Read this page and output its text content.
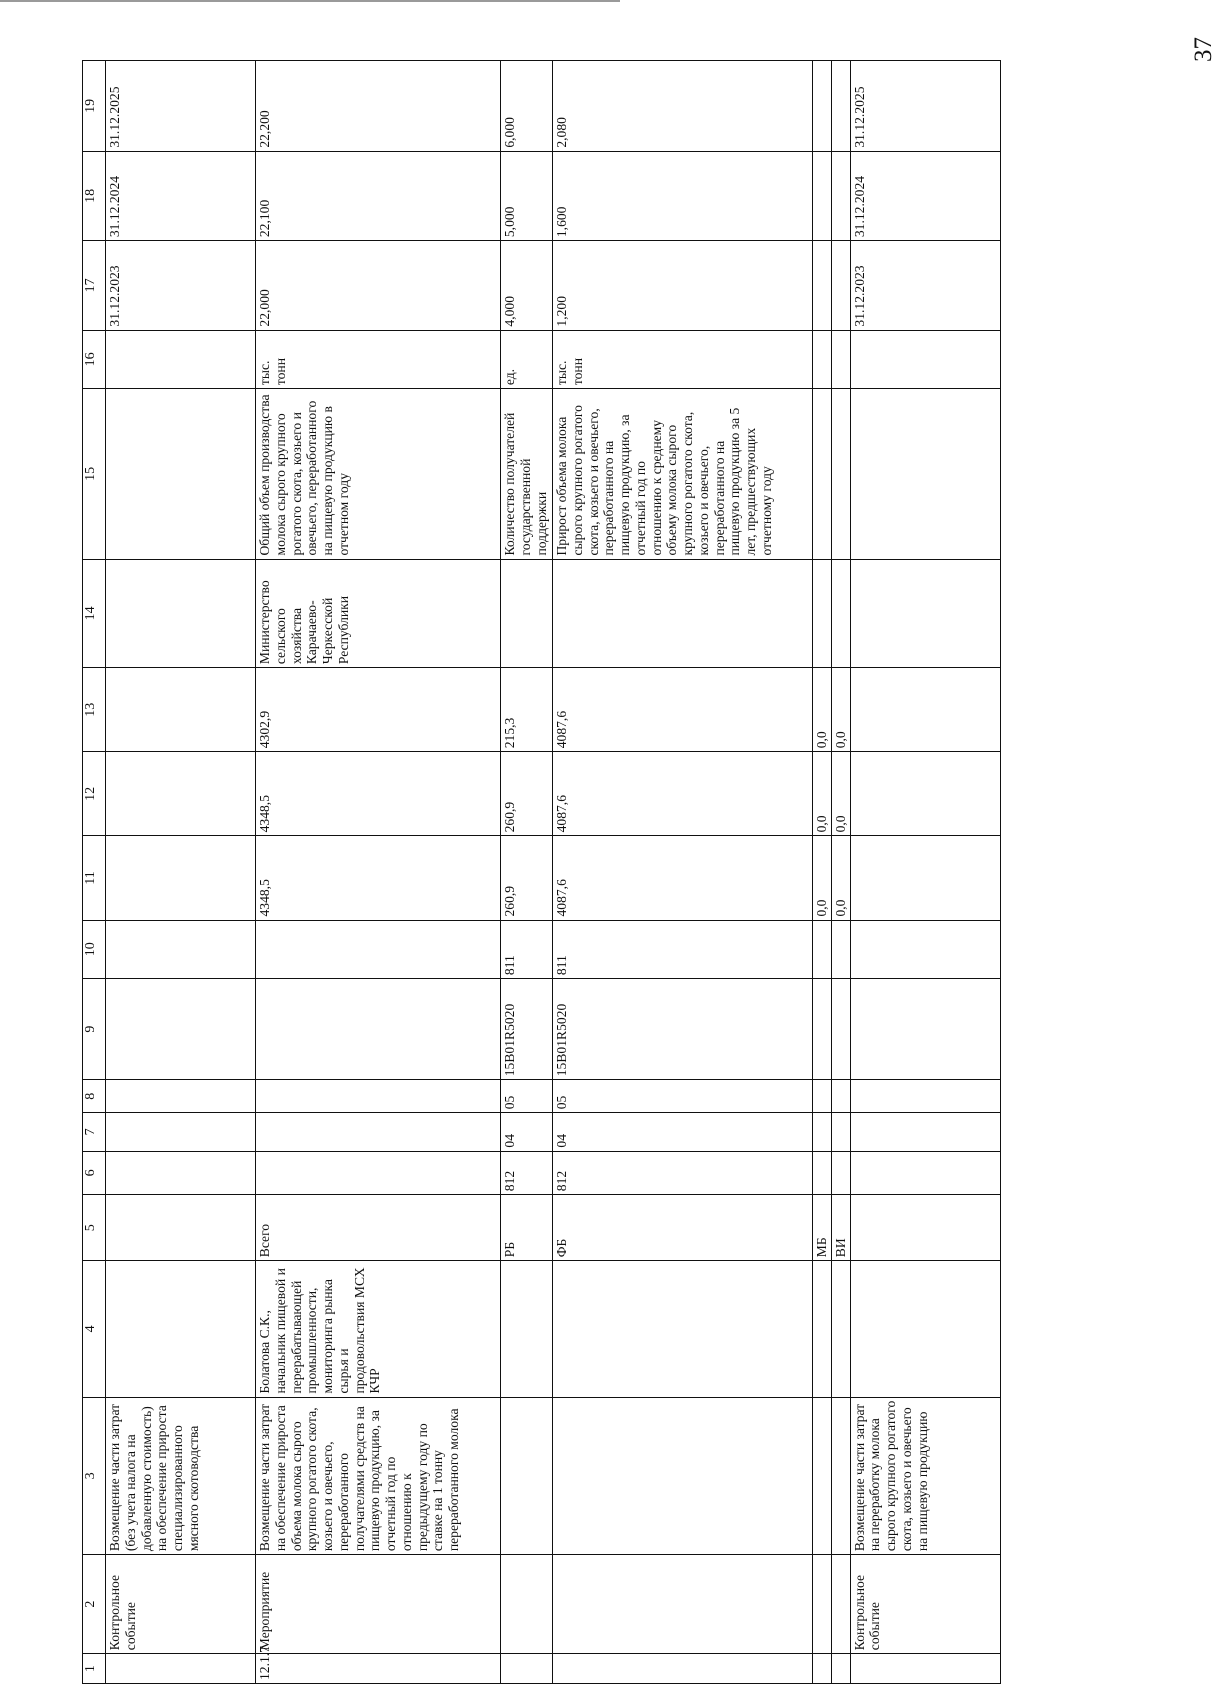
37
1	2	3	4	5	6	7	8	9	10	11	12	13	14	15	16	17	18	19
	Контрольное событие	Возмещение части затрат (без учета налога на добавленную стоимость) на обеспечение прироста специализированного мясного скотоводства														31.12.2023	31.12.2024	31.12.2025
12.1.7	Мероприятие	Возмещение части затрат на обеспечение прироста объема молока сырого крупного рогатого скота, козьего и овечьего, переработанного получателями средств на пищевую продукцию, за отчетный год по отношению к предыдущему году по ставке на 1 тонну переработанного молока	Болатова С.К., начальник пищевой и перерабатывающей промышленности, мониторинга рынка сырья и продовольствия МСХ КЧР	Всего						4348,5	4348,5	4302,9	Министерство сельского хозяйства Карачаево-Черкесской Республики	Общий объем производства молока сырого крупного рогатого скота, козьего и овечьего, переработанного на пищевую продукцию в отчетном году	тыс. тонн	22,000	22,100	22,200
				РБ	812	04	05	15B01R5020	811	260,9	260,9	215,3		Количество получателей государственной поддержки	ед.	4,000	5,000	6,000
				ФБ	812	04	05	15B01R5020	811	4087,6	4087,6	4087,6		Прирост объема молока сырого крупного рогатого скота, козьего и овечьего, переработанного на пищевую продукцию, за отчетный год по отношению к среднему объему молока сырого крупного рогатого скота, козьего и овечьего, переработанного на пищевую продукцию за 5 лет, предшествующих отчетному году	тыс. тонн	1,200	1,600	2,080
				МБ						0,0	0,0	0,0						
				ВИ						0,0	0,0	0,0						
	Контрольное событие	Возмещение части затрат на переработку молока сырого крупного рогатого скота, козьего и овечьего на пищевую продукцию														31.12.2023	31.12.2024	31.12.2025
